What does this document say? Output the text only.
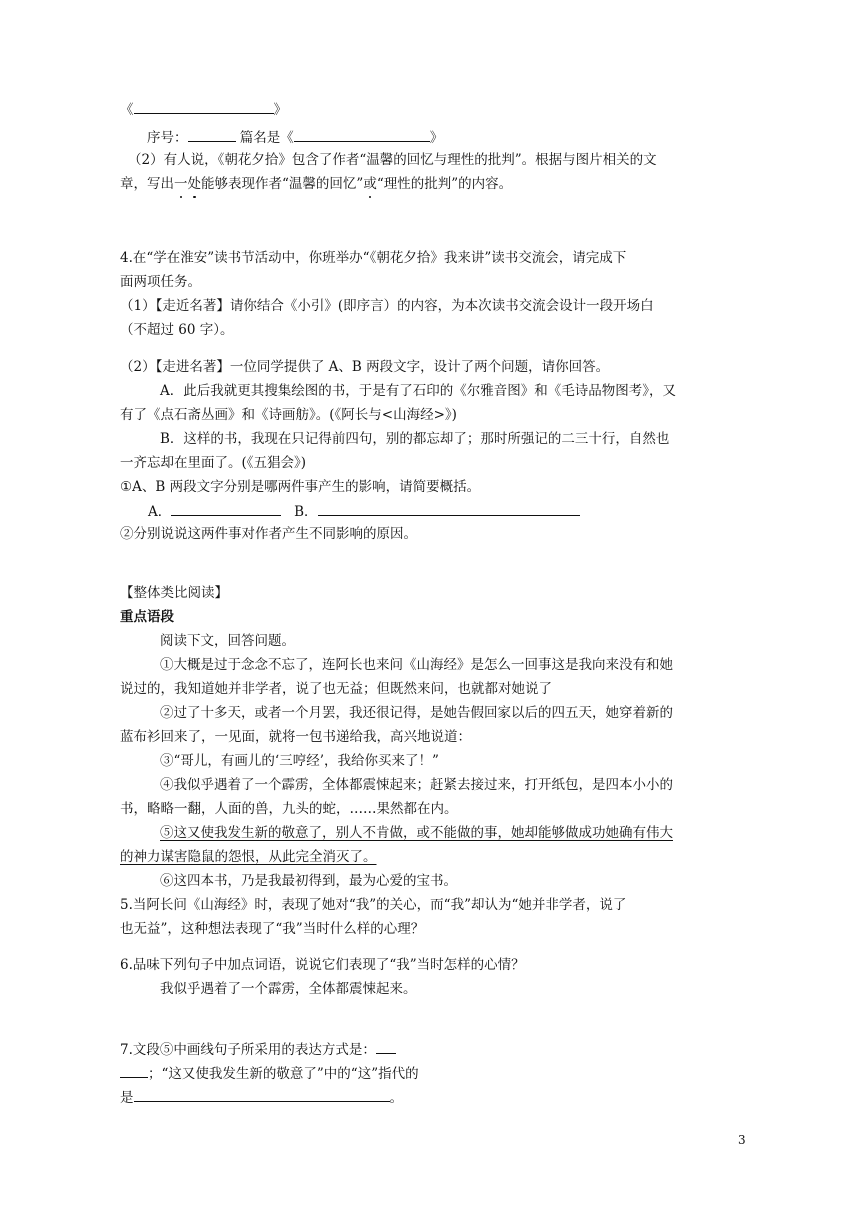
《	》
序号：	篇名是《	》
（2）有人说，《朝花夕拾》包含了作者“温馨的回忆与理性的批判”。根据与图片相关的文
章，写出一处能够表现作者“温馨的回忆”或“理性的批判”的内容。
4.在“学在淮安”读书节活动中，你班举办“《朝花夕拾》我来讲”读书交流会，请完成下
面两项任务。
（1）【走近名著】请你结合《小引》(即序言）的内容，为本次读书交流会设计一段开场白
（不超过 60 字）。
（2）【走进名著】一位同学提供了 A、B 两段文字，设计了两个问题，请你回答。
A．此后我就更其搜集绘图的书，于是有了石印的《尔雅音图》和《毛诗品物图考》，又
有了《点石斋丛画》和《诗画舫》。(《阿长与<山海经>》)
B．这样的书，我现在只记得前四句，别的都忘却了；那时所强记的二三十行，自然也
一齐忘却在里面了。(《五猖会》)
①A、B 两段文字分别是哪两件事产生的影响，请简要概括。
A．	B．
②分别说说这两件事对作者产生不同影响的原因。
【整体类比阅读】
重点语段
阅读下文，回答问题。
①大概是过于念念不忘了，连阿长也来问《山海经》是怎么一回事这是我向来没有和她
说过的，我知道她并非学者，说了也无益；但既然来问，也就都对她说了
②过了十多天，或者一个月罢，我还很记得，是她告假回家以后的四五天，她穿着新的
蓝布衫回来了，一见面，就将一包书递给我，高兴地说道：
③“哥儿，有画儿的‘三哼经’，我给你买来了！”
④我似乎遇着了一个霹雳，全体都震悚起来；赶紧去接过来，打开纸包，是四本小小的
书，略略一翻，人面的兽，九头的蛇，……果然都在内。
⑤这又使我发生新的敬意了，别人不肯做，或不能做的事，她却能够做成功她确有伟大
的神力谋害隐鼠的怨恨，从此完全消灭了。
⑥这四本书，乃是我最初得到，最为心爱的宝书。
5.当阿长问《山海经》时，表现了她对“我”的关心，而“我”却认为“她并非学者，说了
也无益”，这种想法表现了“我”当时什么样的心理？
6.品味下列句子中加点词语，说说它们表现了“我”当时怎样的心情？
我似乎遇着了一个霹雳，全体都震悚起来。
7.文段⑤中画线句子所采用的表达方式是：
；“这又使我发生新的敬意了”中的“这”指代的
是	。
3
